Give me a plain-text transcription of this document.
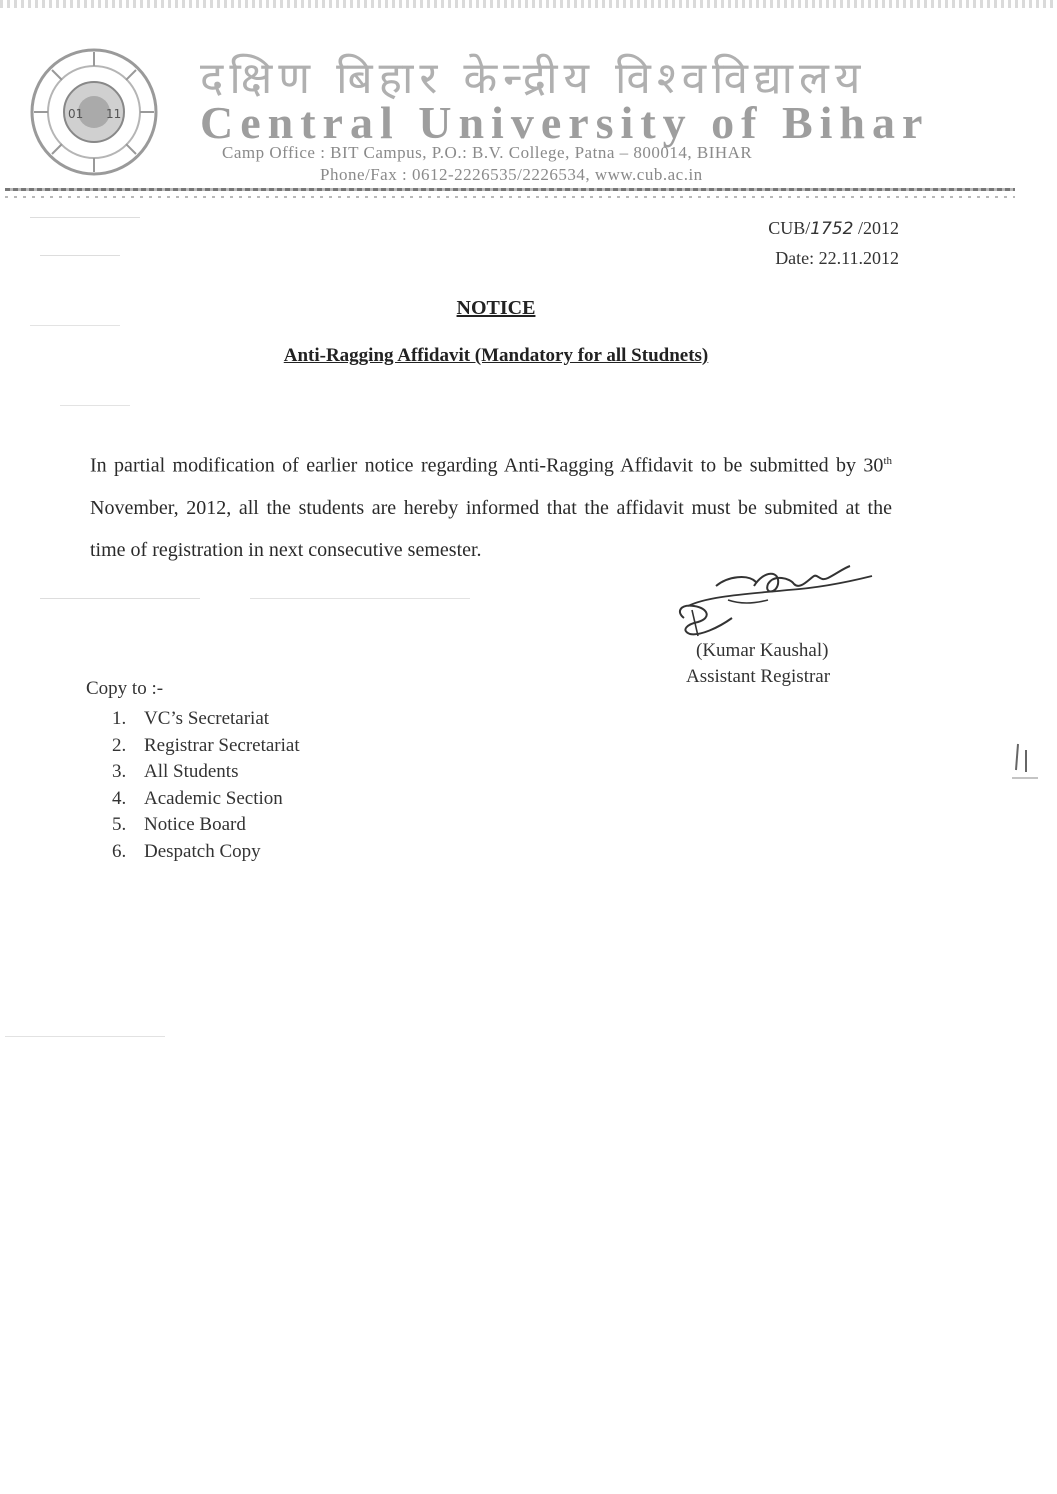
01 11
दक्षिण बिहार केन्द्रीय विश्वविद्यालय
Central University of Bihar
Camp Office : BIT Campus, P.O.: B.V. College, Patna – 800014, BIHAR
Phone/Fax : 0612-2226535/2226534, www.cub.ac.in
CUB/1752 /2012
Date: 22.11.2012
NOTICE
Anti-Ragging Affidavit (Mandatory for all Studnets)
In partial modification of earlier notice regarding Anti-Ragging Affidavit to be submitted by 30th November, 2012, all the students are hereby informed that the affidavit must be submited at the time of registration in next consecutive semester.
(Kumar Kaushal)
Assistant Registrar
Copy to :-
1. VC’s Secretariat
2. Registrar Secretariat
3. All Students
4. Academic Section
5. Notice Board
6. Despatch Copy
